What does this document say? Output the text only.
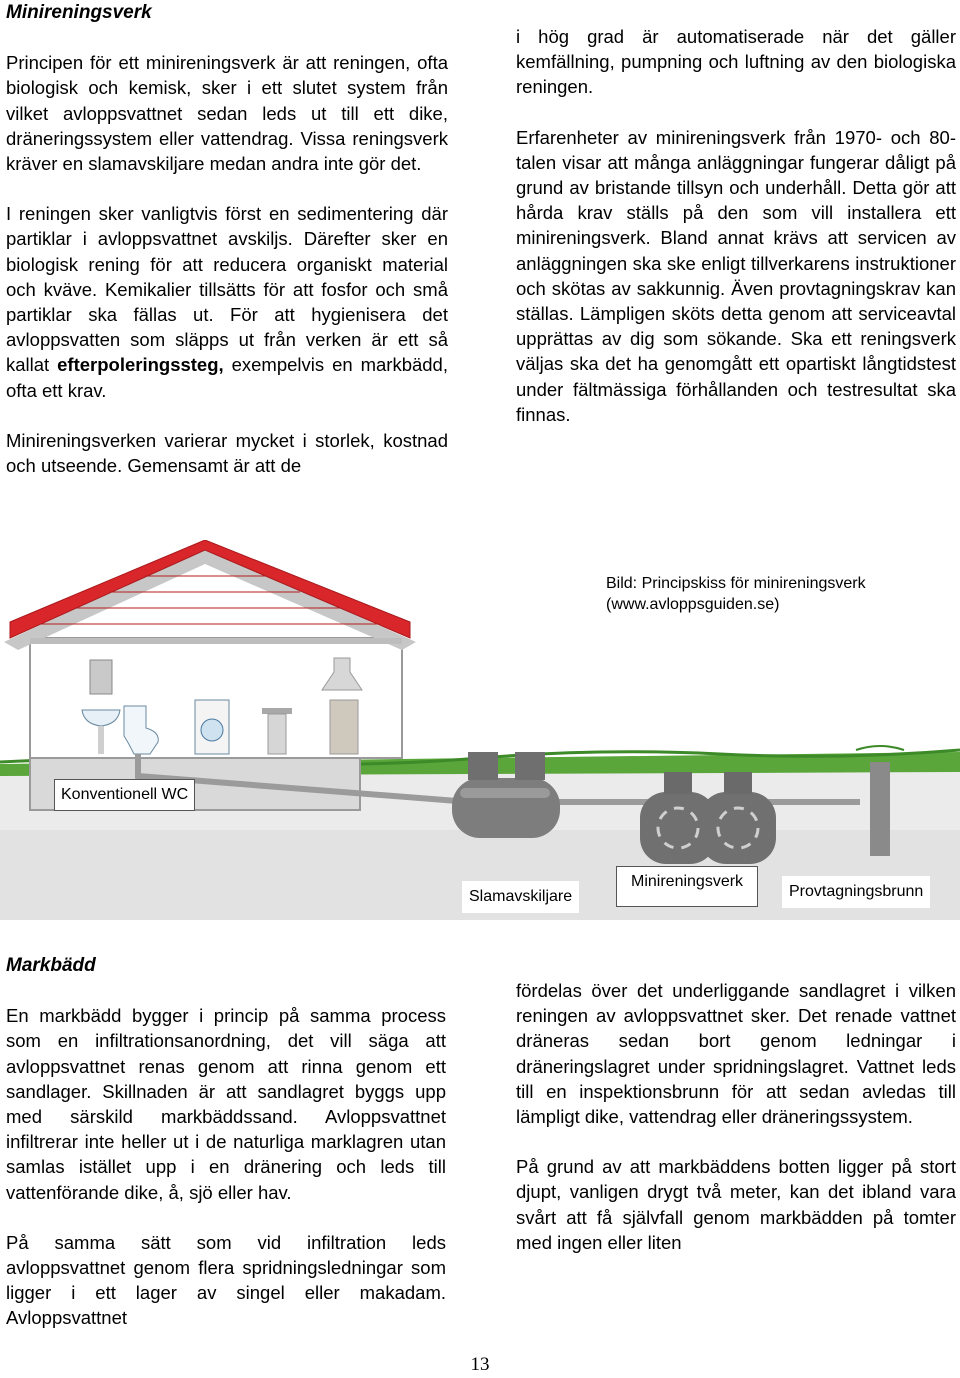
Minireningsverk

Principen för ett minireningsverk är att reningen, ofta biologisk och kemisk, sker i ett slutet system från vilket avloppsvattnet sedan leds ut till ett dike, dräneringssystem eller vattendrag. Vissa reningsverk kräver en slamavskiljare medan andra inte gör det.

I reningen sker vanligtvis först en sedimentering där partiklar i avloppsvattnet avskiljs. Därefter sker en biologisk rening för att reducera organiskt material och kväve. Kemikalier tillsätts för att fosfor och små partiklar ska fällas ut. För att hygienisera det avloppsvatten som släpps ut från verken är ett så kallat efterpoleringssteg, exempelvis en markbädd, ofta ett krav.

Minireningsverken varierar mycket i storlek, kostnad och utseende. Gemensamt är att de

i hög grad är automatiserade när det gäller kemfällning, pumpning och luftning av den biologiska reningen.

Erfarenheter av minireningsverk från 1970- och 80-talen visar att många anläggningar fungerar dåligt på grund av bristande tillsyn och underhåll. Detta gör att hårda krav ställs på den som vill installera ett minireningsverk. Bland annat krävs att servicen av anläggningen ska ske enligt tillverkarens instruktioner och skötas av sakkunnig. Även provtagningskrav kan ställas. Lämpligen sköts detta genom att serviceavtal upprättas av dig som sökande. Ska ett reningsverk väljas ska det ha genomgått ett opartiskt långtidstest under fältmässiga förhållanden och testresultat ska finnas.

Bild: Principskiss för minireningsverk
(www.avloppsguiden.se)
Konventionell WC
Slamavskiljare
Minireningsverk
Provtagningsbrunn

Markbädd

En markbädd bygger i princip på samma process som en infiltrationsanordning, det vill säga att avloppsvattnet renas genom att rinna genom ett sandlager. Skillnaden är att sandlagret byggs upp med särskild markbäddssand. Avloppsvattnet infiltrerar inte heller ut i de naturliga marklagren utan samlas istället upp i en dränering och leds till vattenförande dike, å, sjö eller hav.

På samma sätt som vid infiltration leds avloppsvattnet genom flera spridningsledningar som ligger i ett lager av singel eller makadam. Avloppsvattnet

fördelas över det underliggande sandlagret i vilken reningen av avloppsvattnet sker. Det renade vattnet dräneras sedan bort genom ledningar i dräneringslagret under spridningslagret. Vattnet leds till en inspektionsbrunn för att sedan avledas till lämpligt dike, vattendrag eller dräneringssystem.

På grund av att markbäddens botten ligger på stort djupt, vanligen drygt två meter, kan det ibland vara svårt att få självfall genom markbädden på tomter med ingen eller liten

13
